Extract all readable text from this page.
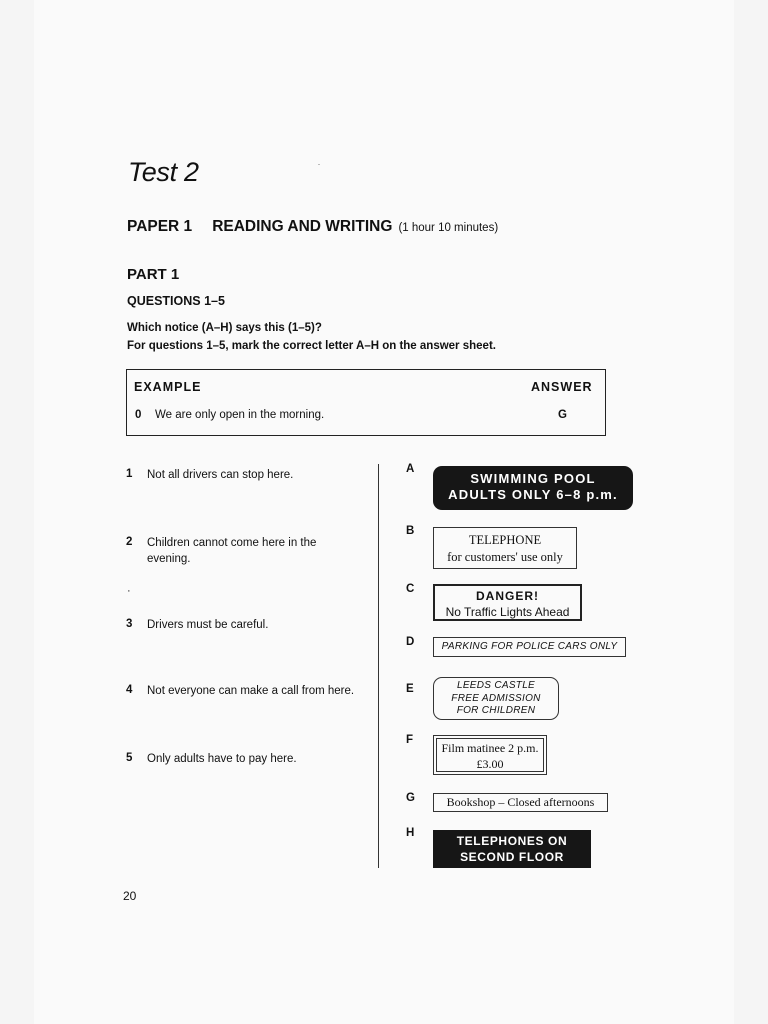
Test 2
PAPER 1 READING AND WRITING (1 hour 10 minutes)
PART 1
QUESTIONS 1–5
Which notice (A–H) says this (1–5)?
For questions 1–5, mark the correct letter A–H on the answer sheet.
EXAMPLE	ANSWER
0 We are only open in the morning.	G
1 Not all drivers can stop here.
2 Children cannot come here in the evening.
·
3 Drivers must be careful.
4 Not everyone can make a call from here.
5 Only adults have to pay here.
A
B
C
D
E
F
G
H
SWIMMING POOL
ADULTS ONLY 6–8 p.m.
TELEPHONE
for customers' use only
DANGER!
No Traffic Lights Ahead
PARKING FOR POLICE CARS ONLY
LEEDS CASTLE
FREE ADMISSION
FOR CHILDREN
Film matinee 2 p.m.
£3.00
Bookshop – Closed afternoons
TELEPHONES ON
SECOND FLOOR
20
